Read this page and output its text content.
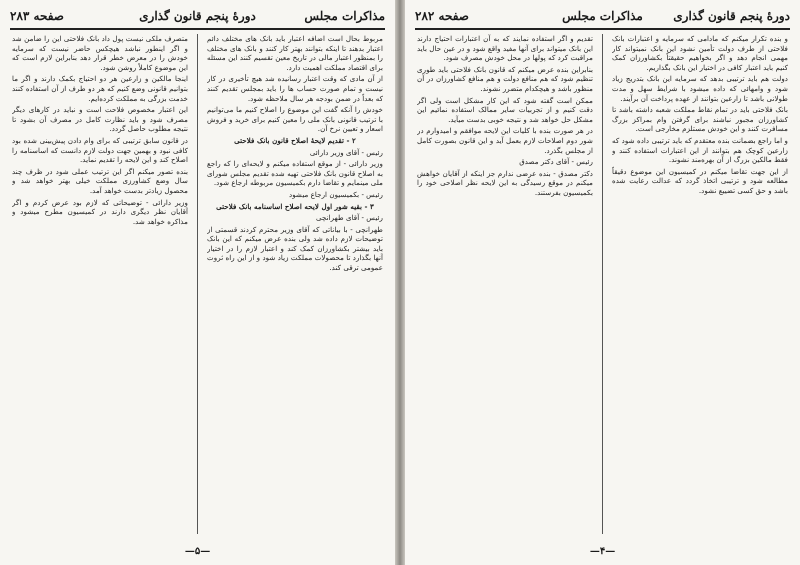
مذاکرات مجلس
دورهٔ پنجم قانون گذاری
صفحه ۲۸۳

مربوط بحال است اضافه اعتبار باید بانک های مختلف دائم اعتبار بدهند تا اینکه بتوانند بهتر کار کنند و بانک های مختلف را بمنظور اعتبار مالی در تاریخ معین تقسیم کنند این مسئله برای اقتصاد مملکت اهمیت دارد.

از آن مادی که وقت اعتبار رسانیده شد هیچ تأخیری در کار نیست و تمام صورت حساب ها را باید بمجلس تقدیم کنند که بعداً در ضمن بودجه هر سال ملاحظه شود.

خودش را آنکه گفت این موضوع را اصلاح کنیم ما می‌توانیم با ترتیب قانونی بانک ملی را معین کنیم برای خرید و فروش اسعار و تعیین نرخ آن.

۲ - تقدیم لایحهٔ اصلاح قانون بانک فلاحتی

رئیس - آقای وزیر دارائی

وزیر دارائی - از موقع استفاده میکنم و لایحه‌ای را که راجع به اصلاح قانون بانک فلاحتی تهیه شده تقدیم مجلس شورای ملی مینمایم و تقاضا دارم بکمیسیون مربوطه ارجاع شود.

رئیس - بکمیسیون ارجاع میشود

۳ - بقیه شور اول لایحه اصلاح اساسنامه بانک فلاحتی

رئیس - آقای طهرانچی

طهرانچی - با بیاناتی که آقای وزیر محترم کردند قسمتی از توضیحات لازم داده شد ولی بنده عرض میکنم که این بانک باید بیشتر بکشاورزان کمک کند و اعتبار لازم را در اختیار آنها بگذارد تا محصولات مملکت زیاد شود و از این راه ثروت عمومی ترقی کند.

متصرف ملکی نیست پول داد بانک فلاحتی این را ضامن شد و اگر اینطور نباشد هیچکس حاضر نیست که سرمایه خودش را در معرض خطر قرار دهد بنابراین لازم است که این موضوع کاملاً روشن شود.

اینجا مالکین و زارعین هر دو احتیاج بکمک دارند و اگر ما بتوانیم قانونی وضع کنیم که هر دو طرف از آن استفاده کنند خدمت بزرگی به مملکت کرده‌ایم.

این اعتبار مخصوص فلاحت است و نباید در کارهای دیگر مصرف شود و باید نظارت کامل در مصرف آن بشود تا نتیجه مطلوب حاصل گردد.

در قانون سابق ترتیبی که برای وام دادن پیش‌بینی شده بود کافی نبود و بهمین جهت دولت لازم دانست که اساسنامه را اصلاح کند و این لایحه را تقدیم نماید.

بنده تصور میکنم اگر این ترتیب عملی شود در ظرف چند سال وضع کشاورزی مملکت خیلی بهتر خواهد شد و محصول زیادتر بدست خواهد آمد.

وزیر دارائی - توضیحاتی که لازم بود عرض کردم و اگر آقایان نظر دیگری دارند در کمیسیون مطرح میشود و مذاکره خواهد شد.

—۵—
دورهٔ پنجم قانون گذاری
مذاکرات مجلس
صفحه ۲۸۲

و بنده تکرار میکنم که مادامی که سرمایه و اعتبارات بانک فلاحتی از طرف دولت تأمین نشود این بانک نمیتواند کار مهمی انجام دهد و اگر بخواهیم حقیقتاً بکشاورزان کمک کنیم باید اعتبار کافی در اختیار این بانک بگذاریم.

دولت هم باید ترتیبی بدهد که سرمایه این بانک بتدریج زیاد شود و وامهائی که داده میشود با شرایط سهل و مدت طولانی باشد تا زارعین بتوانند از عهده پرداخت آن برآیند.

بانک فلاحتی باید در تمام نقاط مملکت شعبه داشته باشد تا کشاورزان مجبور نباشند برای گرفتن وام بمراکز بزرگ مسافرت کنند و این خودش مستلزم مخارجی است.

و اما راجع بضمانت بنده معتقدم که باید ترتیبی داده شود که زارعین کوچک هم بتوانند از این اعتبارات استفاده کنند و فقط مالکین بزرگ از آن بهره‌مند نشوند.

از این جهت تقاضا میکنم در کمیسیون این موضوع دقیقاً مطالعه شود و ترتیبی اتخاذ گردد که عدالت رعایت شده باشد و حق کسی تضییع نشود.

تقدیم و اگر استفاده نمایند که به آن اعتبارات احتیاج دارند این بانک میتواند برای آنها مفید واقع شود و در عین حال باید مراقبت کرد که پولها در محل خودش مصرف شود.

بنابراین بنده عرض میکنم که قانون بانک فلاحتی باید طوری تنظیم شود که هم منافع دولت و هم منافع کشاورزان در آن منظور باشد و هیچکدام متضرر نشوند.

ممکن است گفته شود که این کار مشکل است ولی اگر دقت کنیم و از تجربیات سایر ممالک استفاده نمائیم این مشکل حل خواهد شد و نتیجه خوبی بدست میآید.

در هر صورت بنده با کلیات این لایحه موافقم و امیدوارم در شور دوم اصلاحات لازم بعمل آید و این قانون بصورت کامل از مجلس بگذرد.

رئیس - آقای دکتر مصدق

دکتر مصدق - بنده عرضی ندارم جز اینکه از آقایان خواهش میکنم در موقع رسیدگی به این لایحه نظر اصلاحی خود را بکمیسیون بفرستند.

—۴—
